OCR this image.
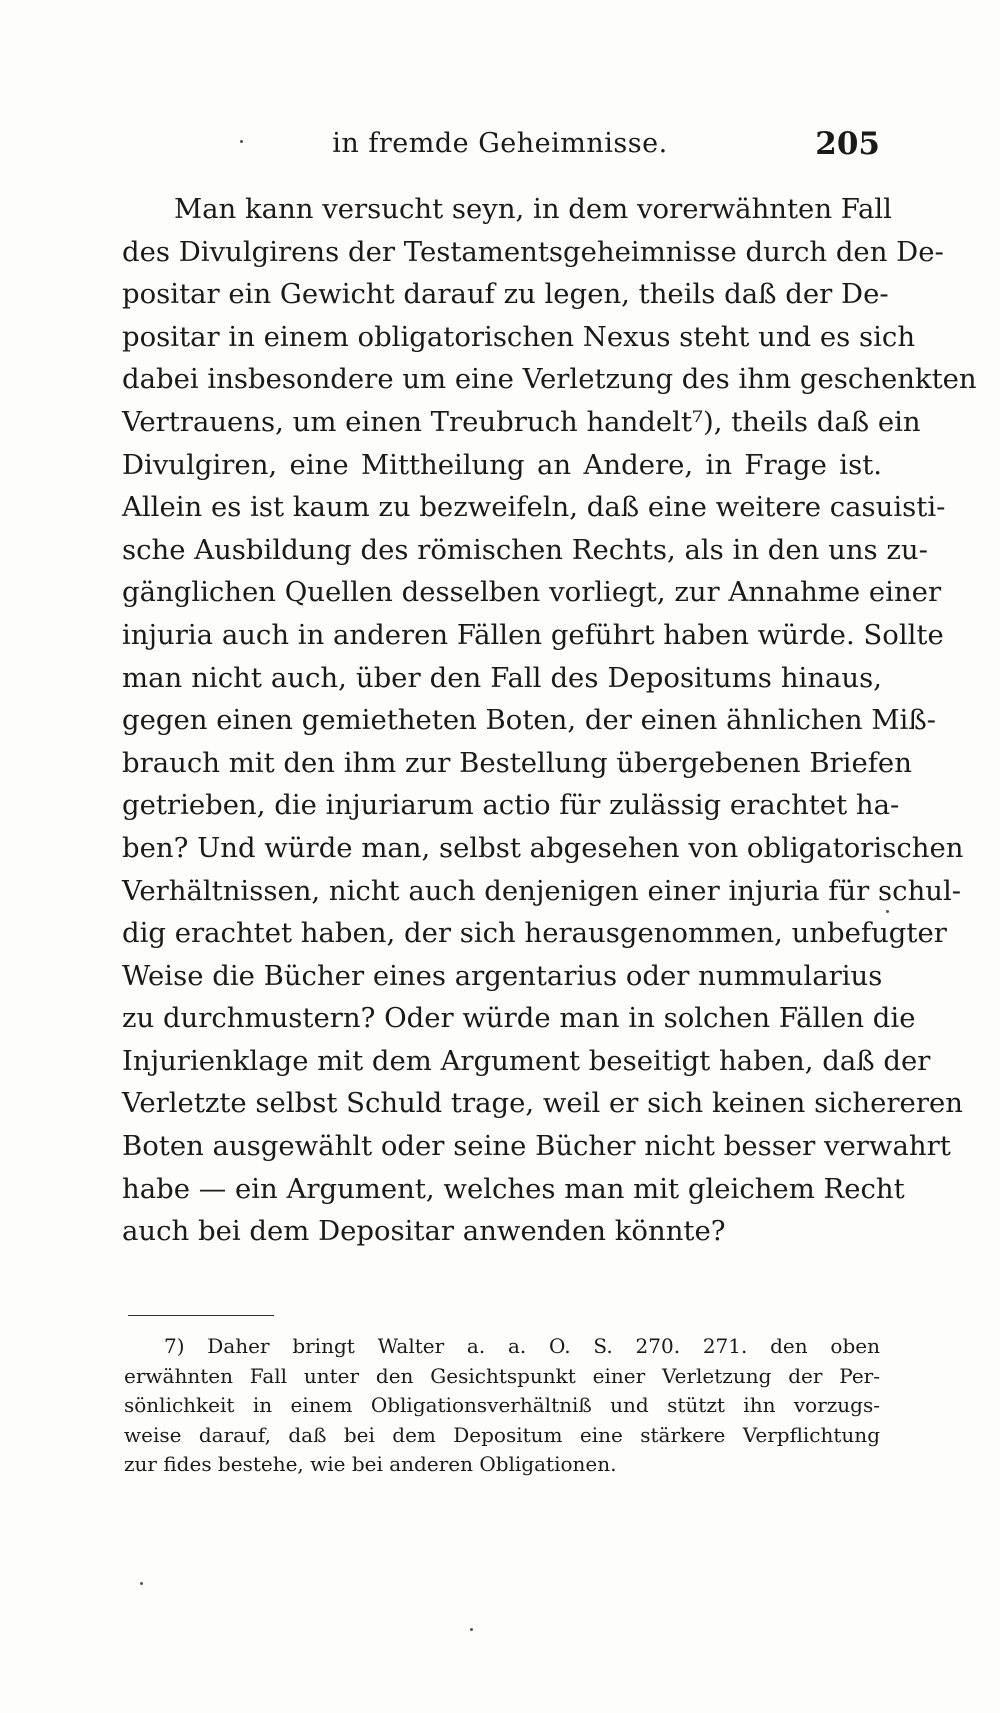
in fremde Geheimnisse.	205
Man kann versucht seyn, in dem vorerwähnten Fall
des Divulgirens der Testamentsgeheimnisse durch den De-
positar ein Gewicht darauf zu legen, theils daß der De-
positar in einem obligatorischen Nexus steht und es sich
dabei insbesondere um eine Verletzung des ihm geschenkten
Vertrauens, um einen Treubruch handelt⁷), theils daß ein
Divulgiren, eine Mittheilung an Andere, in Frage ist.
Allein es ist kaum zu bezweifeln, daß eine weitere casuisti-
sche Ausbildung des römischen Rechts, als in den uns zu-
gänglichen Quellen desselben vorliegt, zur Annahme einer
injuria auch in anderen Fällen geführt haben würde. Sollte
man nicht auch, über den Fall des Depositums hinaus,
gegen einen gemietheten Boten, der einen ähnlichen Miß-
brauch mit den ihm zur Bestellung übergebenen Briefen
getrieben, die injuriarum actio für zulässig erachtet ha-
ben? Und würde man, selbst abgesehen von obligatorischen
Verhältnissen, nicht auch denjenigen einer injuria für schul-
dig erachtet haben, der sich herausgenommen, unbefugter
Weise die Bücher eines argentarius oder nummularius
zu durchmustern? Oder würde man in solchen Fällen die
Injurienklage mit dem Argument beseitigt haben, daß der
Verletzte selbst Schuld trage, weil er sich keinen sichereren
Boten ausgewählt oder seine Bücher nicht besser verwahrt
habe — ein Argument, welches man mit gleichem Recht
auch bei dem Depositar anwenden könnte?
7) Daher bringt Walter a. a. O. S. 270. 271. den oben
erwähnten Fall unter den Gesichtspunkt einer Verletzung der Per-
sönlichkeit in einem Obligationsverhältniß und stützt ihn vorzugs-
weise darauf, daß bei dem Depositum eine stärkere Verpflichtung
zur fides bestehe, wie bei anderen Obligationen.
